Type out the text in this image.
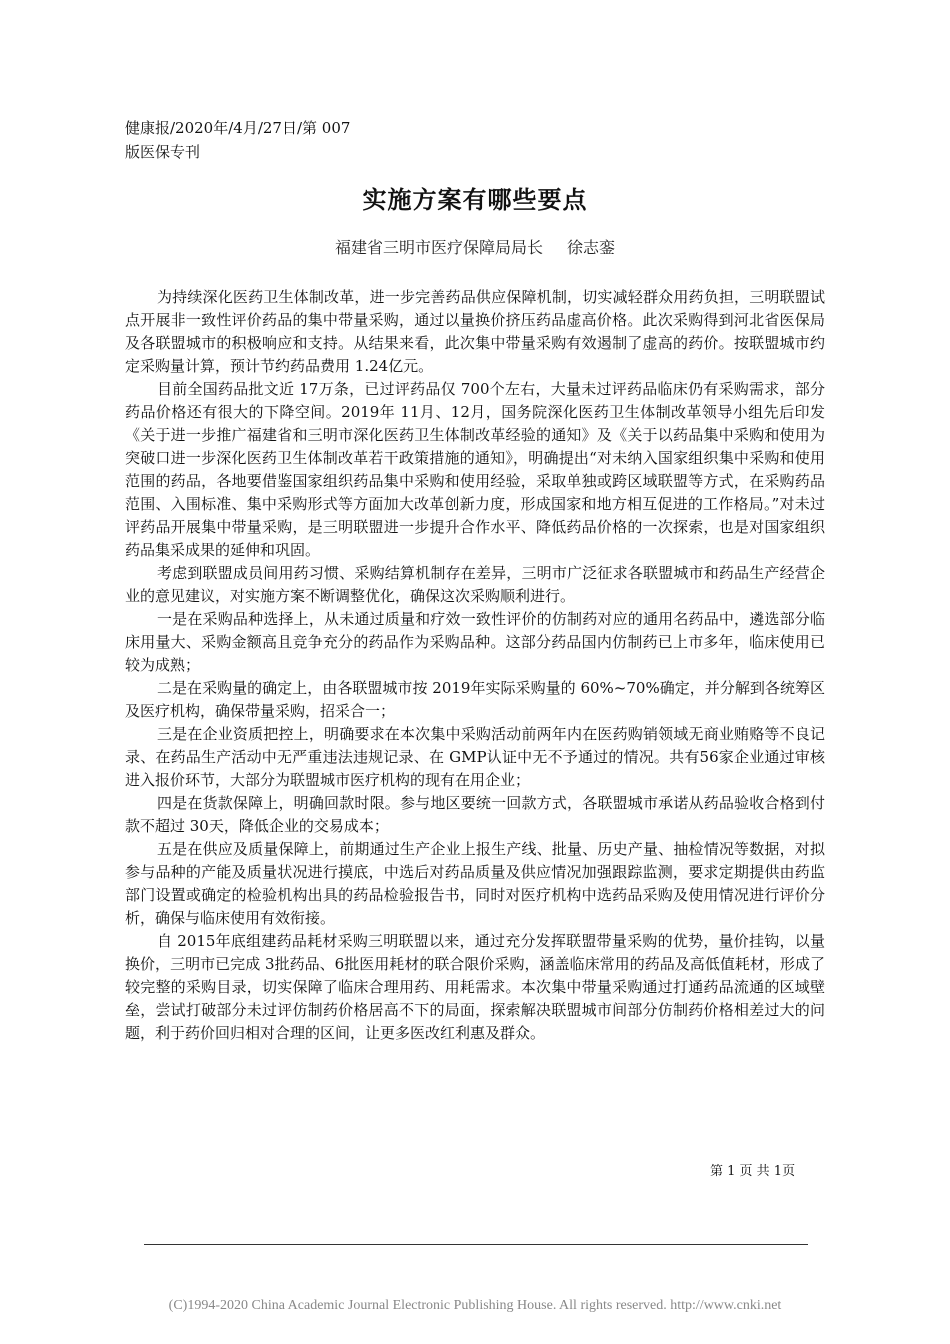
健康报/2020年/4月/27日/第 007
版医保专刊
实施方案有哪些要点
福建省三明市医疗保障局局长 徐志銮

为持续深化医药卫生体制改革，进一步完善药品供应保障机制，切实减轻群众用药负担，三明联盟试点开展非一致性评价药品的集中带量采购，通过以量换价挤压药品虚高价格。此次采购得到河北省医保局及各联盟城市的积极响应和支持。从结果来看，此次集中带量采购有效遏制了虚高的药价。按联盟城市约定采购量计算，预计节约药品费用 1.24亿元。

目前全国药品批文近 17万条，已过评药品仅 700个左右，大量未过评药品临床仍有采购需求，部分药品价格还有很大的下降空间。2019年 11月、12月，国务院深化医药卫生体制改革领导小组先后印发《关于进一步推广福建省和三明市深化医药卫生体制改革经验的通知》及《关于以药品集中采购和使用为突破口进一步深化医药卫生体制改革若干政策措施的通知》，明确提出“对未纳入国家组织集中采购和使用范围的药品，各地要借鉴国家组织药品集中采购和使用经验，采取单独或跨区域联盟等方式，在采购药品范围、入围标准、集中采购形式等方面加大改革创新力度，形成国家和地方相互促进的工作格局。”对未过评药品开展集中带量采购，是三明联盟进一步提升合作水平、降低药品价格的一次探索，也是对国家组织药品集采成果的延伸和巩固。

考虑到联盟成员间用药习惯、采购结算机制存在差异，三明市广泛征求各联盟城市和药品生产经营企业的意见建议，对实施方案不断调整优化，确保这次采购顺利进行。

一是在采购品种选择上，从未通过质量和疗效一致性评价的仿制药对应的通用名药品中，遴选部分临床用量大、采购金额高且竞争充分的药品作为采购品种。这部分药品国内仿制药已上市多年，临床使用已较为成熟；

二是在采购量的确定上，由各联盟城市按 2019年实际采购量的 60%~70%确定，并分解到各统筹区及医疗机构，确保带量采购，招采合一；

三是在企业资质把控上，明确要求在本次集中采购活动前两年内在医药购销领域无商业贿赂等不良记录、在药品生产活动中无严重违法违规记录、在 GMP认证中无不予通过的情况。共有56家企业通过审核进入报价环节，大部分为联盟城市医疗机构的现有在用企业；

四是在货款保障上，明确回款时限。参与地区要统一回款方式，各联盟城市承诺从药品验收合格到付款不超过 30天，降低企业的交易成本；

五是在供应及质量保障上，前期通过生产企业上报生产线、批量、历史产量、抽检情况等数据，对拟参与品种的产能及质量状况进行摸底，中选后对药品质量及供应情况加强跟踪监测，要求定期提供由药监部门设置或确定的检验机构出具的药品检验报告书，同时对医疗机构中选药品采购及使用情况进行评价分析，确保与临床使用有效衔接。

自 2015年底组建药品耗材采购三明联盟以来，通过充分发挥联盟带量采购的优势，量价挂钩，以量换价，三明市已完成 3批药品、6批医用耗材的联合限价采购，涵盖临床常用的药品及高低值耗材，形成了较完整的采购目录，切实保障了临床合理用药、用耗需求。本次集中带量采购通过打通药品流通的区域壁垒，尝试打破部分未过评仿制药价格居高不下的局面，探索解决联盟城市间部分仿制药价格相差过大的问题，利于药价回归相对合理的区间，让更多医改红利惠及群众。

第 1 页 共 1页
(C)1994-2020 China Academic Journal Electronic Publishing House. All rights reserved. http://www.cnki.net
